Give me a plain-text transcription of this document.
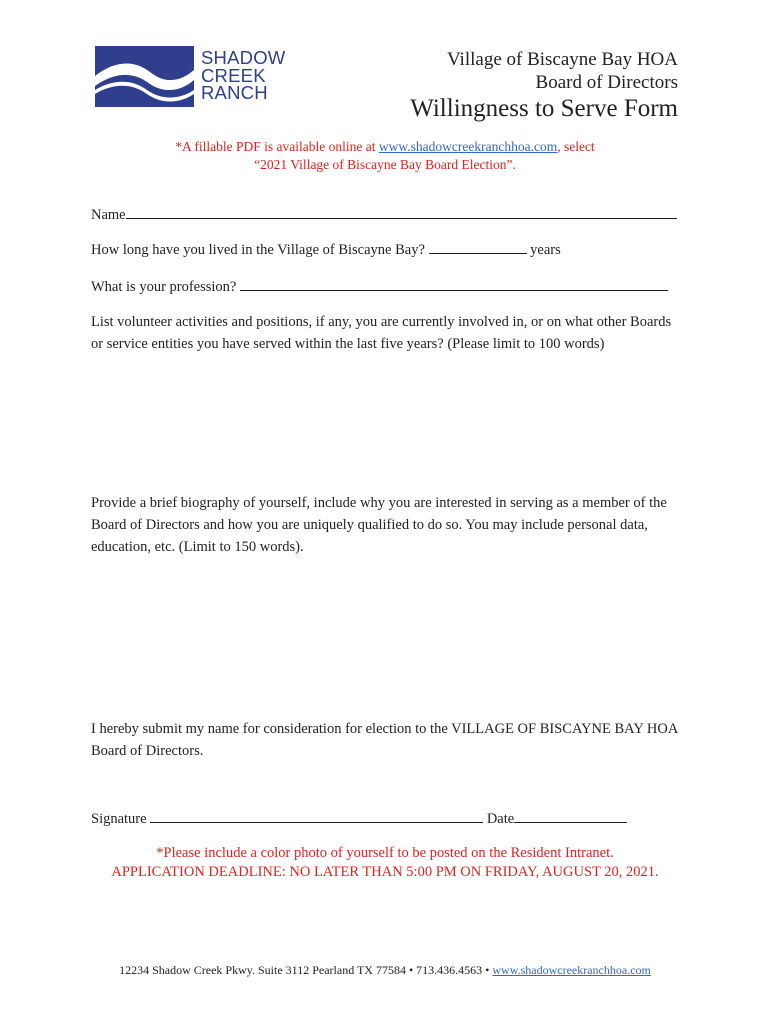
SHADOW
CREEK
RANCH
Village of Biscayne Bay HOA
Board of Directors
Willingness to Serve Form
*A fillable PDF is available online at www.shadowcreekranchhoa.com, select
“2021 Village of Biscayne Bay Board Election”.
Name
How long have you lived in the Village of Biscayne Bay?	years
What is your profession?
List volunteer activities and positions, if any, you are currently involved in, or on what other Boards or service entities you have served within the last five years? (Please limit to 100 words)
Provide a brief biography of yourself, include why you are interested in serving as a member of the Board of Directors and how you are uniquely qualified to do so. You may include personal data, education, etc. (Limit to 150 words).
I hereby submit my name for consideration for election to the VILLAGE OF BISCAYNE BAY HOA Board of Directors.
Signature	Date
*Please include a color photo of yourself to be posted on the Resident Intranet.
APPLICATION DEADLINE: NO LATER THAN 5:00 PM ON FRIDAY, AUGUST 20, 2021.
12234 Shadow Creek Pkwy. Suite 3112 Pearland TX 77584 • 713.436.4563 • www.shadowcreekranchhoa.com
